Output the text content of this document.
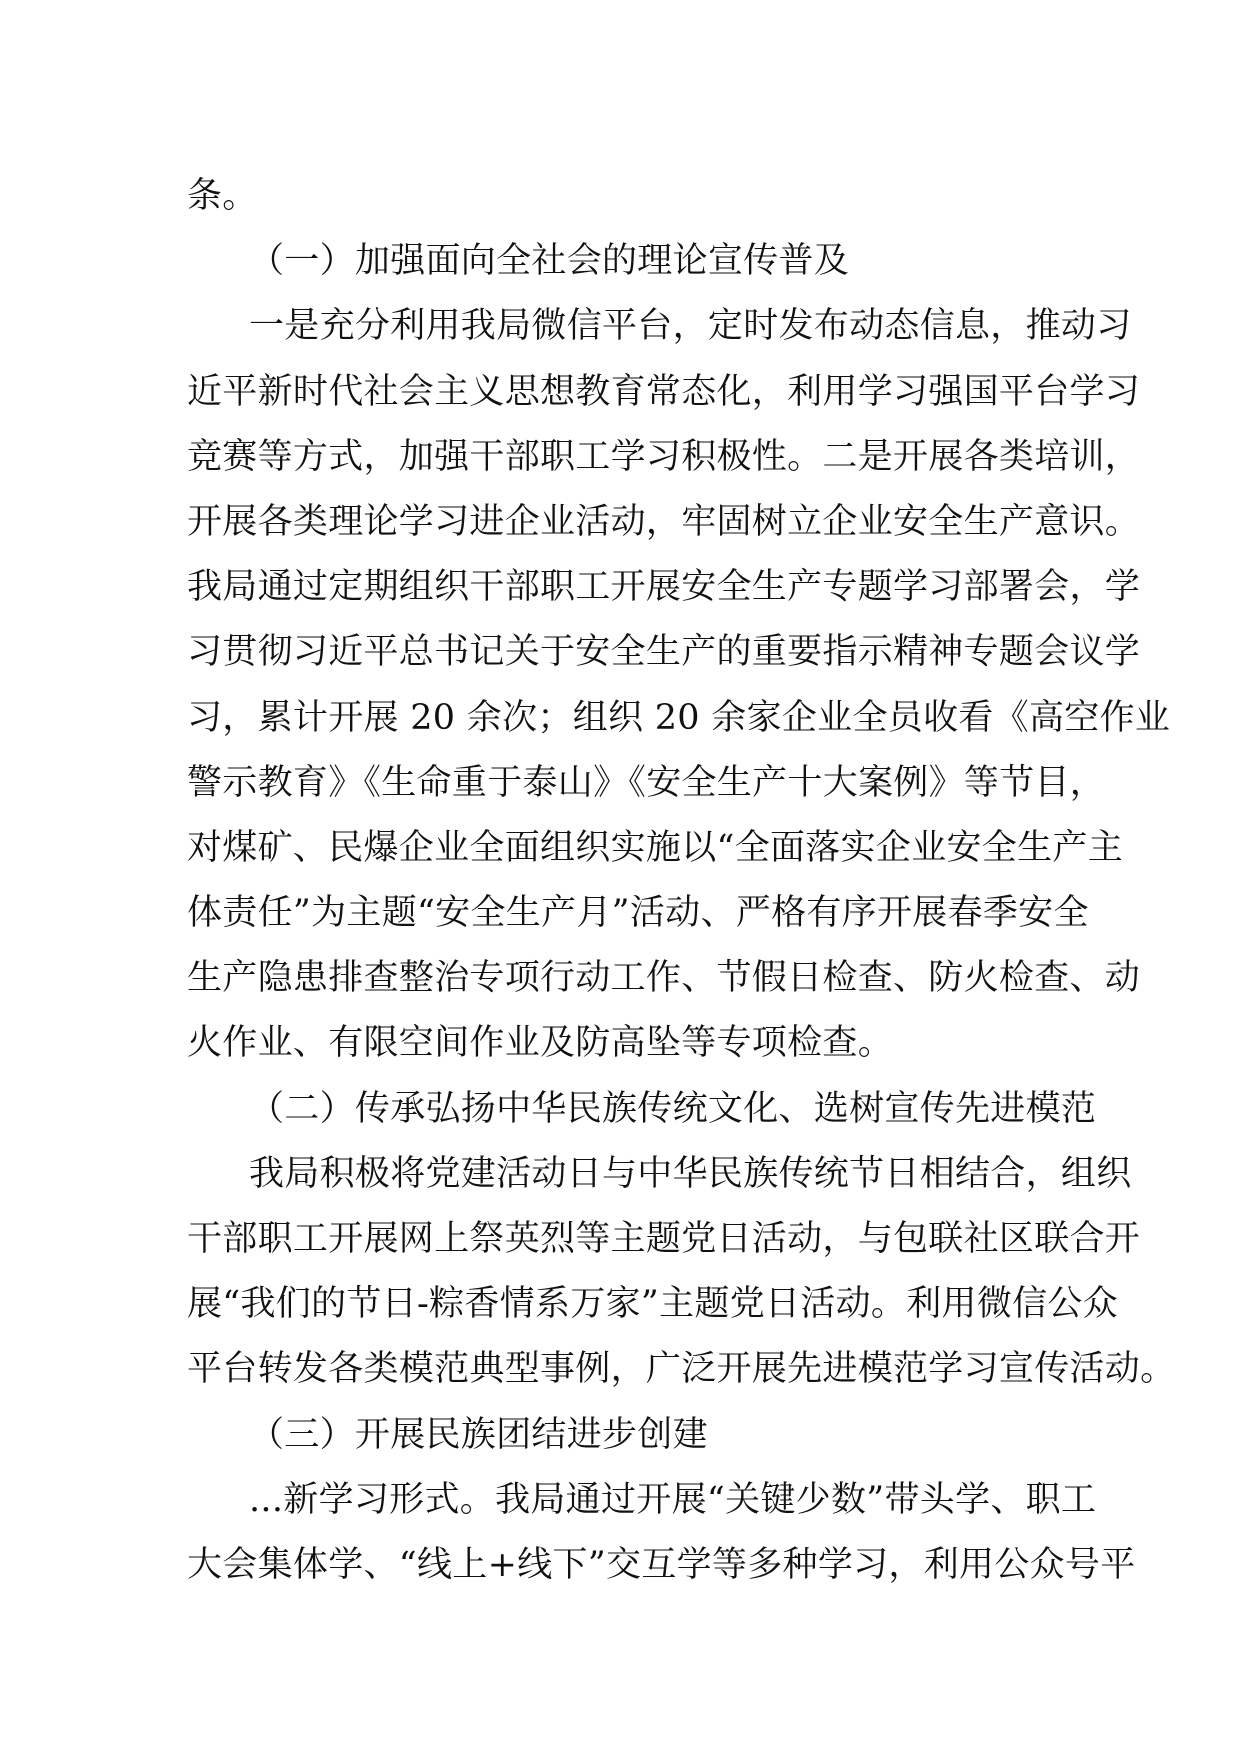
条。
（一）加强面向全社会的理论宣传普及
一是充分利用我局微信平台，定时发布动态信息，推动习
近平新时代社会主义思想教育常态化，利用学习强国平台学习
竞赛等方式，加强干部职工学习积极性。二是开展各类培训，
开展各类理论学习进企业活动，牢固树立企业安全生产意识。
我局通过定期组织干部职工开展安全生产专题学习部署会，学
习贯彻习近平总书记关于安全生产的重要指示精神专题会议学
习，累计开展 20 余次；组织 20 余家企业全员收看《高空作业
警示教育》《生命重于泰山》《安全生产十大案例》等节目，
对煤矿、民爆企业全面组织实施以“全面落实企业安全生产主
体责任”为主题“安全生产月”活动、严格有序开展春季安全
生产隐患排查整治专项行动工作、节假日检查、防火检查、动
火作业、有限空间作业及防高坠等专项检查。
（二）传承弘扬中华民族传统文化、选树宣传先进模范
我局积极将党建活动日与中华民族传统节日相结合，组织
干部职工开展网上祭英烈等主题党日活动，与包联社区联合开
展“我们的节日-粽香情系万家”主题党日活动。利用微信公众
平台转发各类模范典型事例，广泛开展先进模范学习宣传活动。
（三）开展民族团结进步创建
...新学习形式。我局通过开展“关键少数”带头学、职工
大会集体学、“线上+线下”交互学等多种学习，利用公众号平
